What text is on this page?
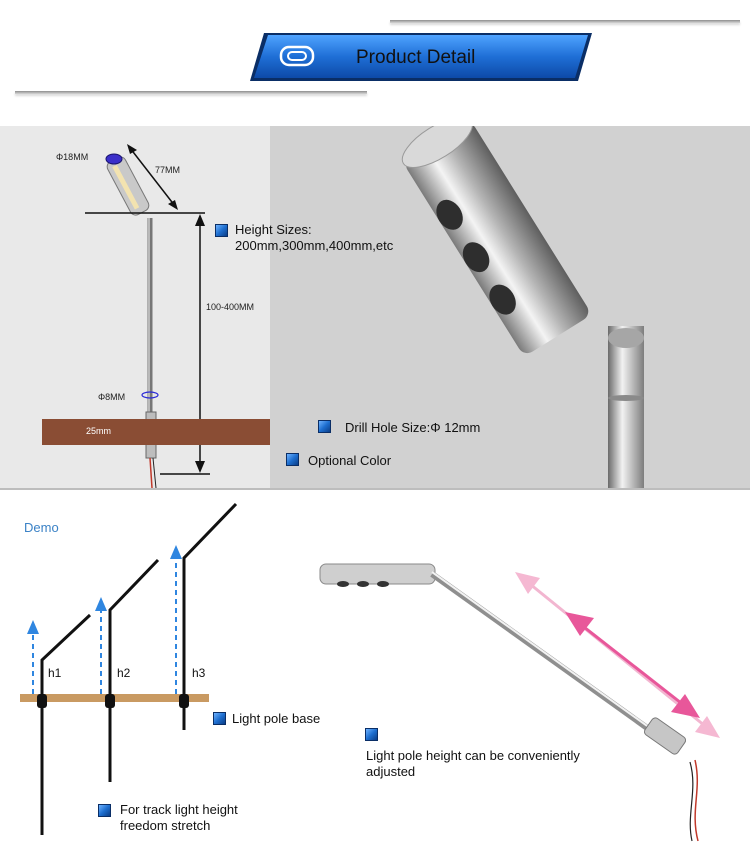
Product Detail
25mm
Φ18MM
77MM
100-400MM
Φ8MM
Height Sizes:
200mm,300mm,400mm,etc
Drill Hole Size:Φ 12mm
Optional Color
Demo
h1	h2	h3
Light pole base
For track light height
freedom stretch
Light pole height can be conveniently
adjusted
